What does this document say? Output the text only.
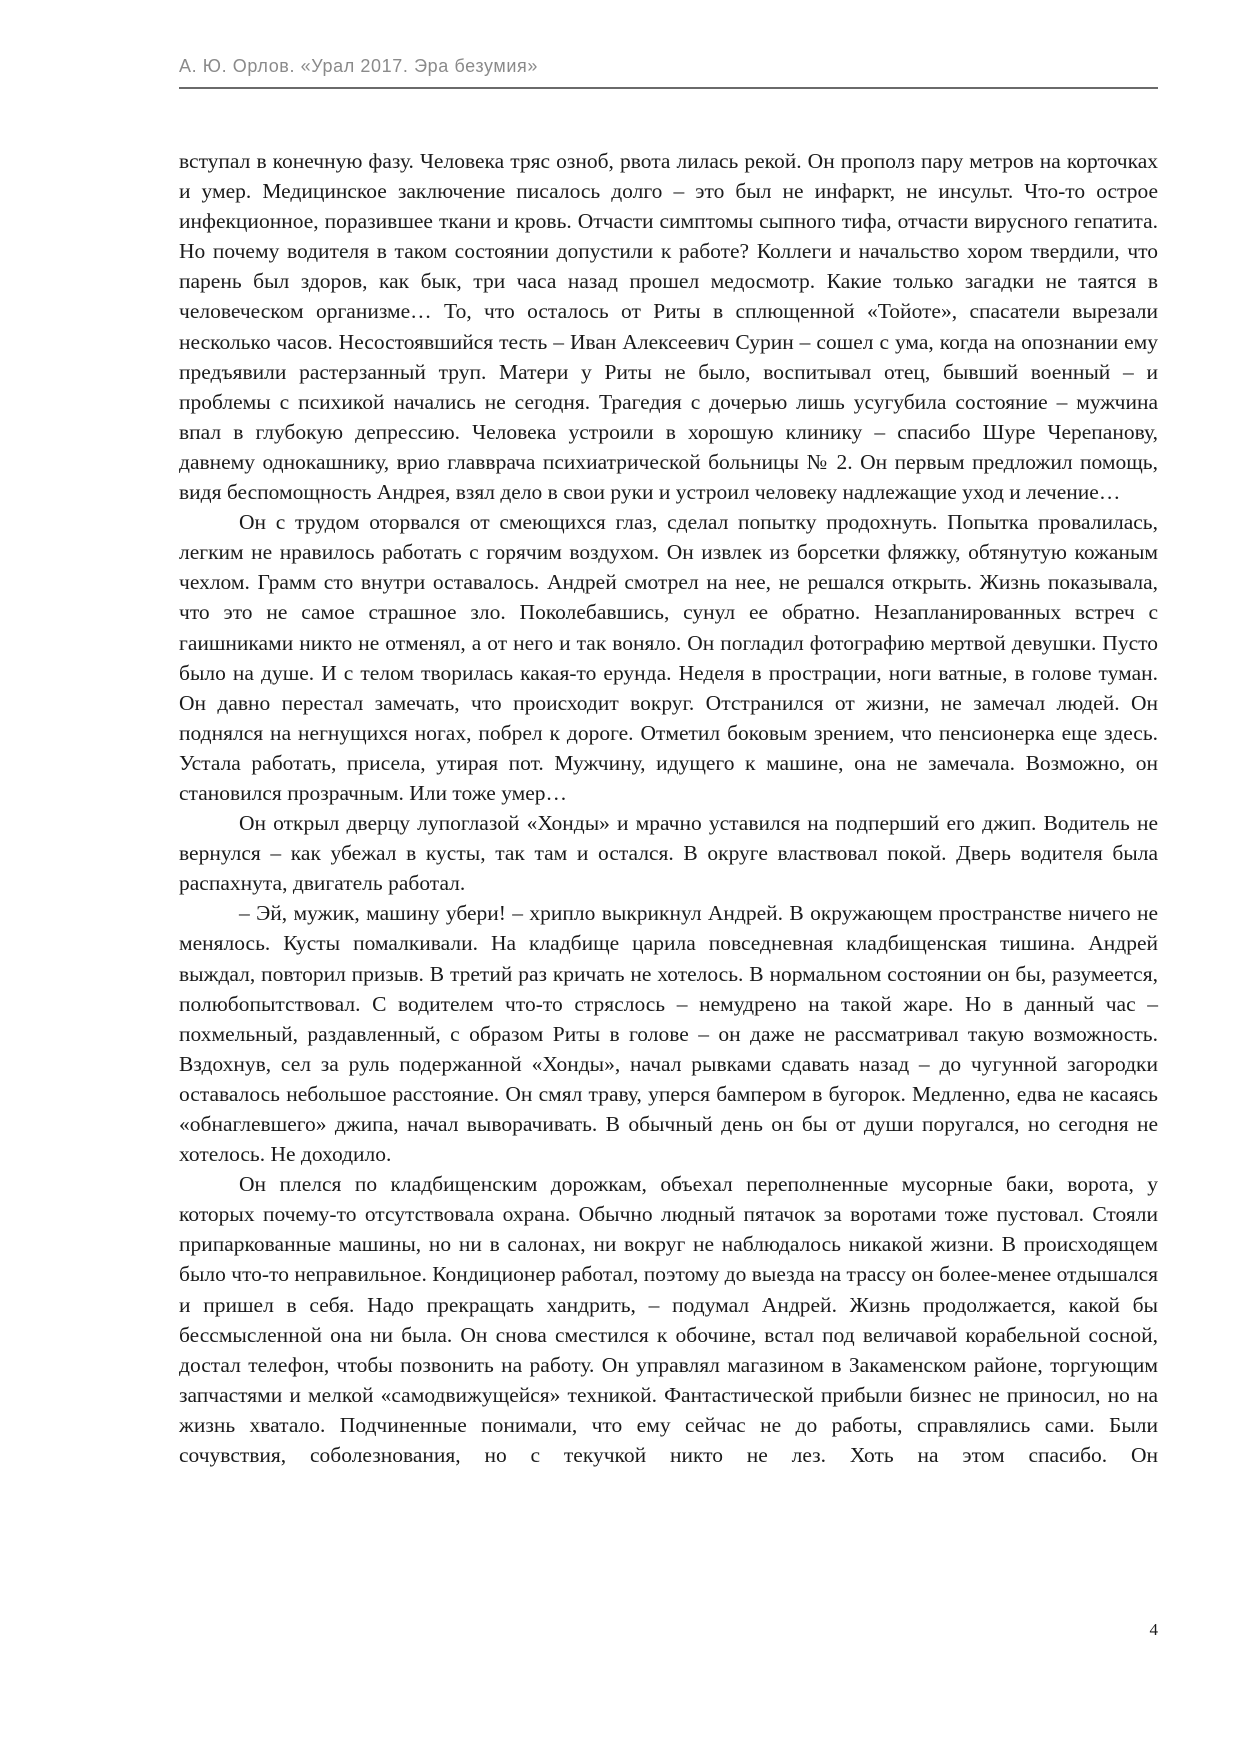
А. Ю. Орлов. «Урал 2017. Эра безумия»

вступал в конечную фазу. Человека тряс озноб, рвота лилась рекой. Он прополз пару метров на корточках и умер. Медицинское заключение писалось долго – это был не инфаркт, не инсульт. Что-то острое инфекционное, поразившее ткани и кровь. Отчасти симптомы сыпного тифа, отчасти вирусного гепатита. Но почему водителя в таком состоянии допустили к работе? Коллеги и начальство хором твердили, что парень был здоров, как бык, три часа назад прошел медосмотр. Какие только загадки не таятся в человеческом организме… То, что осталось от Риты в сплющенной «Тойоте», спасатели вырезали несколько часов. Несостоявшийся тесть – Иван Алексеевич Сурин – сошел с ума, когда на опознании ему предъявили растерзанный труп. Матери у Риты не было, воспитывал отец, бывший военный – и проблемы с психикой начались не сегодня. Трагедия с дочерью лишь усугубила состояние – мужчина впал в глубокую депрессию. Человека устроили в хорошую клинику – спасибо Шуре Черепанову, давнему однокашнику, врио главврача психиатрической больницы № 2. Он первым предложил помощь, видя беспомощность Андрея, взял дело в свои руки и устроил человеку надлежащие уход и лечение…

Он с трудом оторвался от смеющихся глаз, сделал попытку продохнуть. Попытка провалилась, легким не нравилось работать с горячим воздухом. Он извлек из борсетки фляжку, обтянутую кожаным чехлом. Грамм сто внутри оставалось. Андрей смотрел на нее, не решался открыть. Жизнь показывала, что это не самое страшное зло. Поколебавшись, сунул ее обратно. Незапланированных встреч с гаишниками никто не отменял, а от него и так воняло. Он погладил фотографию мертвой девушки. Пусто было на душе. И с телом творилась какая-то ерунда. Неделя в прострации, ноги ватные, в голове туман. Он давно перестал замечать, что происходит вокруг. Отстранился от жизни, не замечал людей. Он поднялся на негнущихся ногах, побрел к дороге. Отметил боковым зрением, что пенсионерка еще здесь. Устала работать, присела, утирая пот. Мужчину, идущего к машине, она не замечала. Возможно, он становился прозрачным. Или тоже умер…

Он открыл дверцу лупоглазой «Хонды» и мрачно уставился на подперший его джип. Водитель не вернулся – как убежал в кусты, так там и остался. В округе властвовал покой. Дверь водителя была распахнута, двигатель работал.

– Эй, мужик, машину убери! – хрипло выкрикнул Андрей. В окружающем пространстве ничего не менялось. Кусты помалкивали. На кладбище царила повседневная кладбищенская тишина. Андрей выждал, повторил призыв. В третий раз кричать не хотелось. В нормальном состоянии он бы, разумеется, полюбопытствовал. С водителем что-то стряслось – немудрено на такой жаре. Но в данный час – похмельный, раздавленный, с образом Риты в голове – он даже не рассматривал такую возможность. Вздохнув, сел за руль подержанной «Хонды», начал рывками сдавать назад – до чугунной загородки оставалось небольшое расстояние. Он смял траву, уперся бампером в бугорок. Медленно, едва не касаясь «обнаглевшего» джипа, начал выворачивать. В обычный день он бы от души поругался, но сегодня не хотелось. Не доходило.

Он плелся по кладбищенским дорожкам, объехал переполненные мусорные баки, ворота, у которых почему-то отсутствовала охрана. Обычно людный пятачок за воротами тоже пустовал. Стояли припаркованные машины, но ни в салонах, ни вокруг не наблюдалось никакой жизни. В происходящем было что-то неправильное. Кондиционер работал, поэтому до выезда на трассу он более-менее отдышался и пришел в себя. Надо прекращать хандрить, – подумал Андрей. Жизнь продолжается, какой бы бессмысленной она ни была. Он снова сместился к обочине, встал под величавой корабельной сосной, достал телефон, чтобы позвонить на работу. Он управлял магазином в Закаменском районе, торгующим запчастями и мелкой «самодвижущейся» техникой. Фантастической прибыли бизнес не приносил, но на жизнь хватало. Подчиненные понимали, что ему сейчас не до работы, справлялись сами. Были сочувствия, соболезнования, но с текучкой никто не лез. Хоть на этом спасибо. Он

4
